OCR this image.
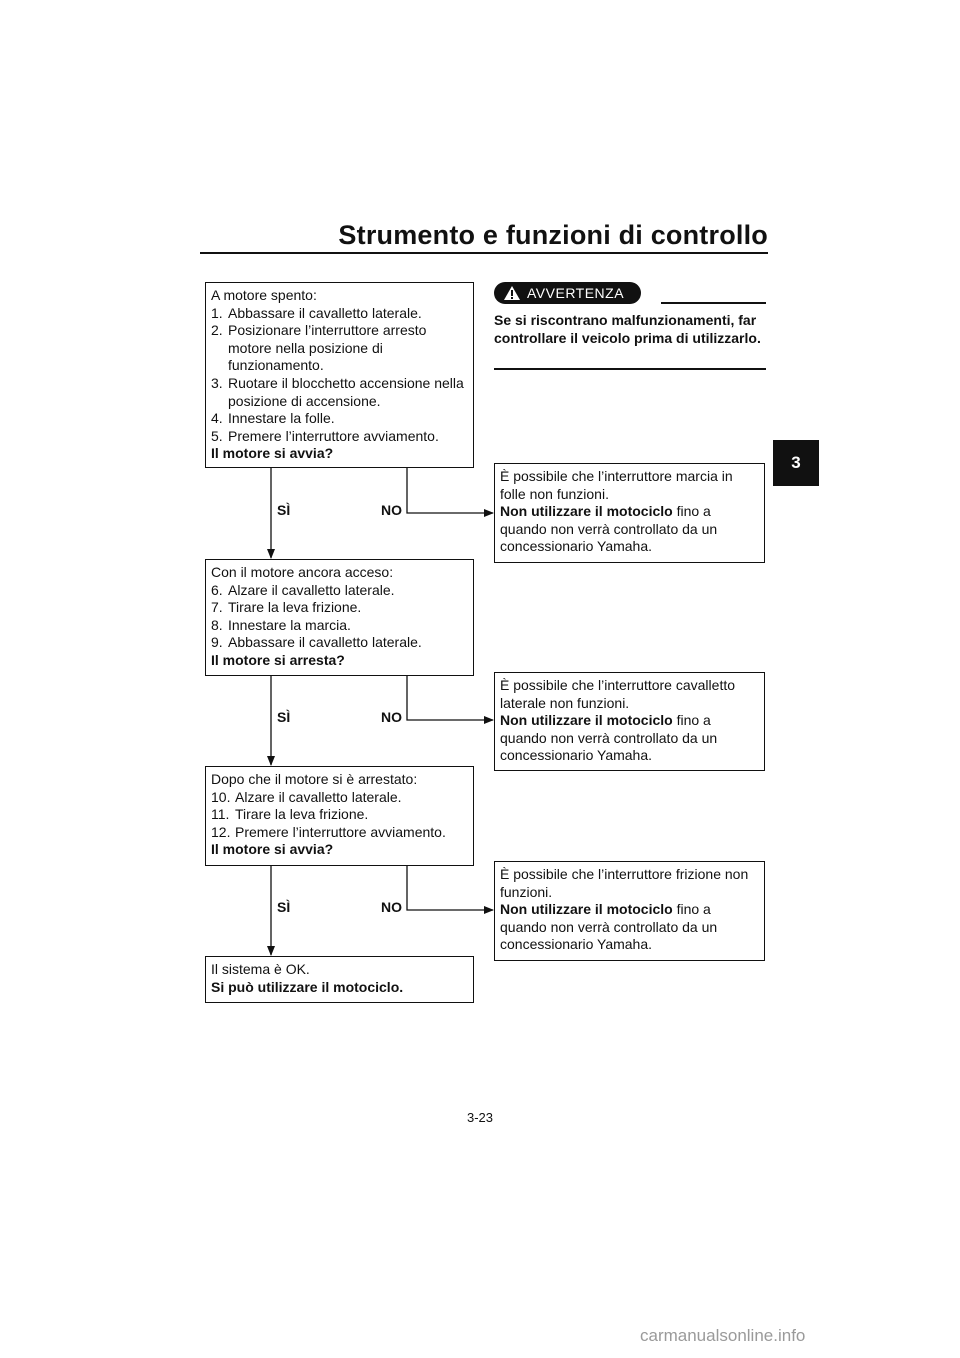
Strumento e funzioni di controllo
3
A motore spento:
1. Abbassare il cavalletto laterale.
2. Posizionare l’interruttore arresto
motore nella posizione di
funzionamento.
3. Ruotare il blocchetto accensione nella
posizione di accensione.
4. Innestare la folle.
5. Premere l’interruttore avviamento.
Il motore si avvia?
AVVERTENZA
Se si riscontrano malfunzionamenti, far controllare il veicolo prima di utilizzarlo.
È possibile che l’interruttore marcia in
folle non funzioni.
Non utilizzare il motociclo fino a
quando non verrà controllato da un
concessionario Yamaha.
Con il motore ancora acceso:
6. Alzare il cavalletto laterale.
7. Tirare la leva frizione.
8. Innestare la marcia.
9. Abbassare il cavalletto laterale.
Il motore si arresta?
È possibile che l’interruttore cavalletto
laterale non funzioni.
Non utilizzare il motociclo fino a
quando non verrà controllato da un
concessionario Yamaha.
Dopo che il motore si è arrestato:
10. Alzare il cavalletto laterale.
11. Tirare la leva frizione.
12. Premere l’interruttore avviamento.
Il motore si avvia?
È possibile che l’interruttore frizione non
funzioni.
Non utilizzare il motociclo fino a
quando non verrà controllato da un
concessionario Yamaha.
Il sistema è OK.
Si può utilizzare il motociclo.
SÌ	NO
SÌ	NO
SÌ	NO
3-23
carmanualsonline.info
